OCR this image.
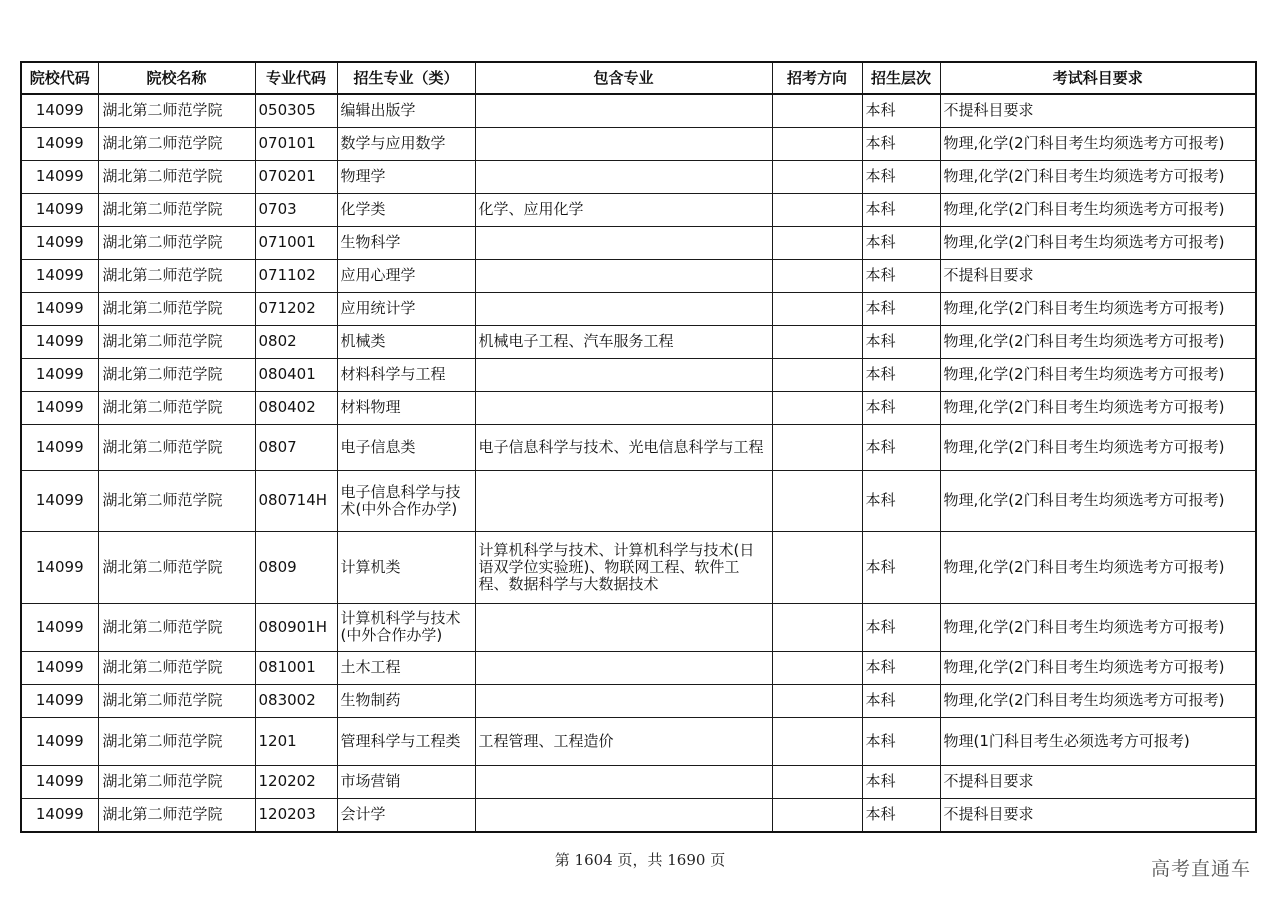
院校代码	院校名称	专业代码	招生专业（类）	包含专业	招考方向	招生层次	考试科目要求
14099	湖北第二师范学院	050305	编辑出版学			本科	不提科目要求
14099	湖北第二师范学院	070101	数学与应用数学			本科	物理,化学(2门科目考生均须选考方可报考)
14099	湖北第二师范学院	070201	物理学			本科	物理,化学(2门科目考生均须选考方可报考)
14099	湖北第二师范学院	0703	化学类	化学、应用化学		本科	物理,化学(2门科目考生均须选考方可报考)
14099	湖北第二师范学院	071001	生物科学			本科	物理,化学(2门科目考生均须选考方可报考)
14099	湖北第二师范学院	071102	应用心理学			本科	不提科目要求
14099	湖北第二师范学院	071202	应用统计学			本科	物理,化学(2门科目考生均须选考方可报考)
14099	湖北第二师范学院	0802	机械类	机械电子工程、汽车服务工程		本科	物理,化学(2门科目考生均须选考方可报考)
14099	湖北第二师范学院	080401	材料科学与工程			本科	物理,化学(2门科目考生均须选考方可报考)
14099	湖北第二师范学院	080402	材料物理			本科	物理,化学(2门科目考生均须选考方可报考)
14099	湖北第二师范学院	0807	电子信息类	电子信息科学与技术、光电信息科学与工程		本科	物理,化学(2门科目考生均须选考方可报考)
14099	湖北第二师范学院	080714H	电子信息科学与技术(中外合作办学)			本科	物理,化学(2门科目考生均须选考方可报考)
14099	湖北第二师范学院	0809	计算机类	计算机科学与技术、计算机科学与技术(日语双学位实验班)、物联网工程、软件工程、数据科学与大数据技术		本科	物理,化学(2门科目考生均须选考方可报考)
14099	湖北第二师范学院	080901H	计算机科学与技术(中外合作办学)			本科	物理,化学(2门科目考生均须选考方可报考)
14099	湖北第二师范学院	081001	土木工程			本科	物理,化学(2门科目考生均须选考方可报考)
14099	湖北第二师范学院	083002	生物制药			本科	物理,化学(2门科目考生均须选考方可报考)
14099	湖北第二师范学院	1201	管理科学与工程类	工程管理、工程造价		本科	物理(1门科目考生必须选考方可报考)
14099	湖北第二师范学院	120202	市场营销			本科	不提科目要求
14099	湖北第二师范学院	120203	会计学			本科	不提科目要求
第 1604 页，共 1690 页	高考直通车
